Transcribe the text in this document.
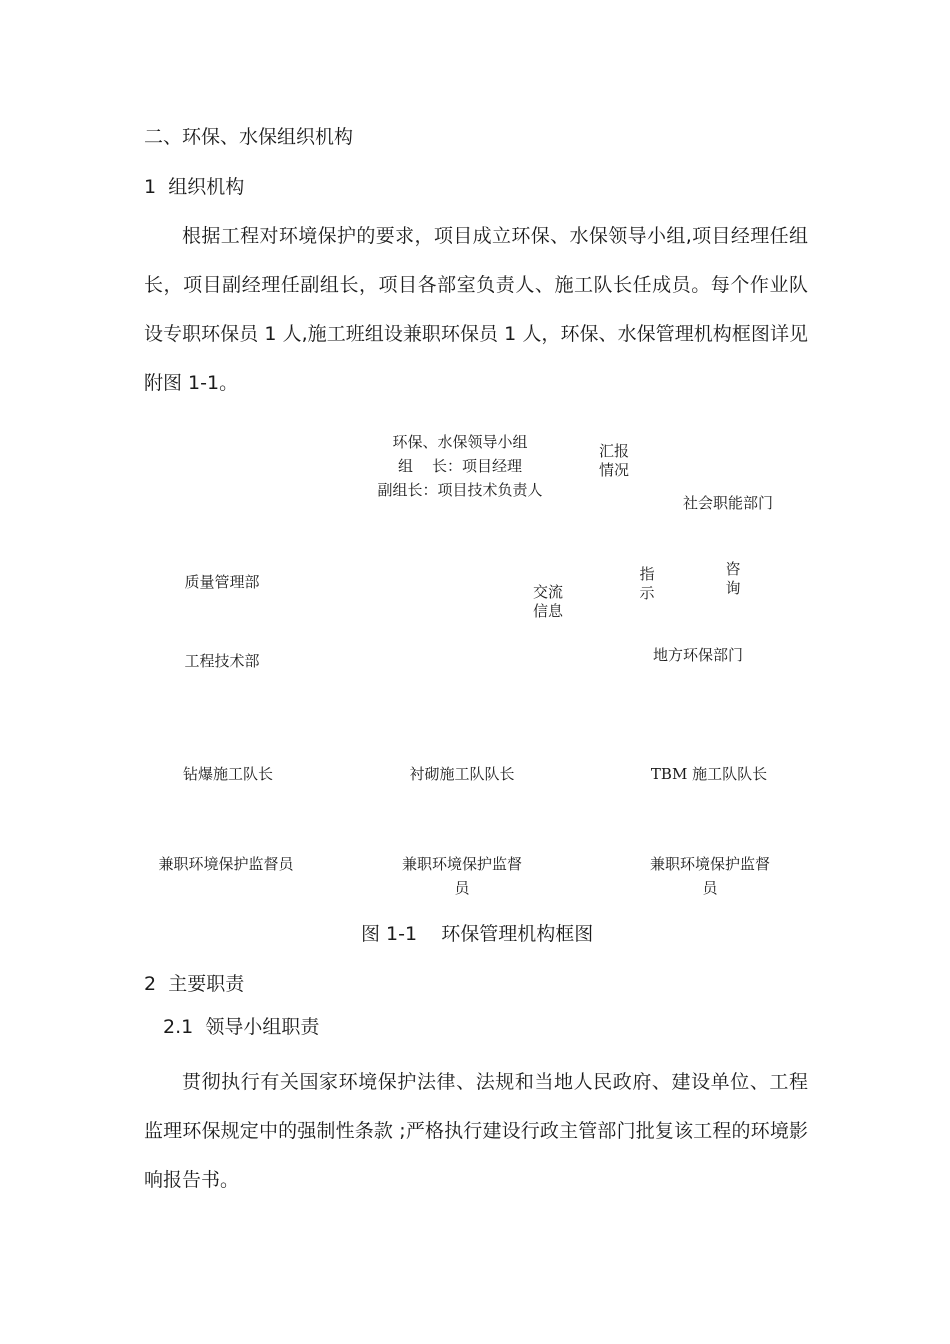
二、环保、水保组织机构
1 组织机构

根据工程对环境保护的要求，项目成立环保、水保领导小组,项目经理任组长，项目副经理任副组长，项目各部室负责人、施工队长任成员。每个作业队设专职环保员 1 人,施工班组设兼职环保员 1 人，环保、水保管理机构框图详见附图 1-1。

环保、水保领导小组
组    长：项目经理
副组长：项目技术负责人
汇报
情况
社会职能部门
质量管理部
交流
信息
指
示
咨
询
工程技术部	地方环保部门
钻爆施工队长	衬砌施工队队长	TBM 施工队队长
兼职环境保护监督员	兼职环境保护监督
员
兼职环境保护监督
员
图 1-1 环保管理机构框图
2 主要职责
2.1 领导小组职责

贯彻执行有关国家环境保护法律、法规和当地人民政府、建设单位、工程监理环保规定中的强制性条款 ;严格执行建设行政主管部门批复该工程的环境影响报告书。
